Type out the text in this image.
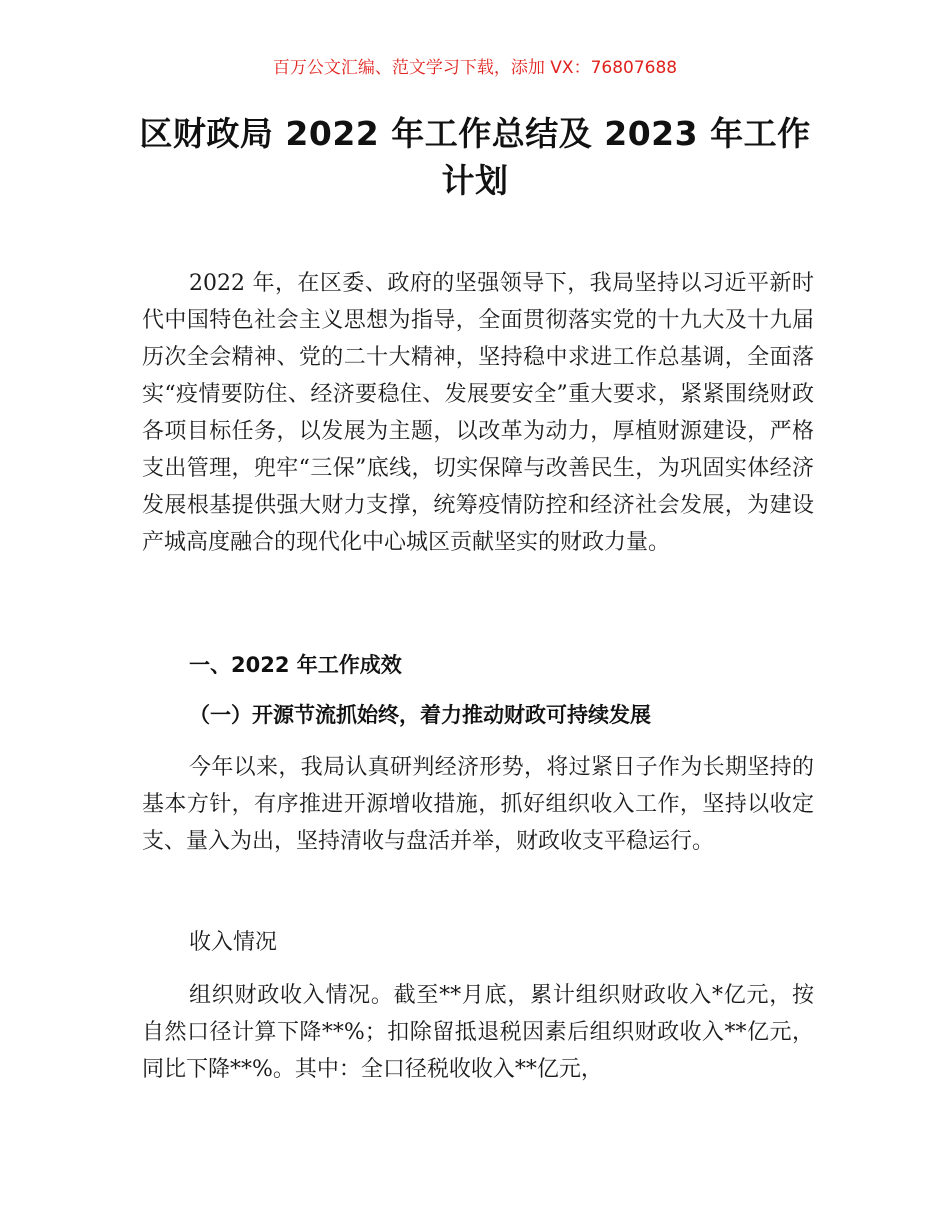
百万公文汇编、范文学习下载，添加 VX：76807688
区财政局 2022 年工作总结及 2023 年工作
计划

2022 年，在区委、政府的坚强领导下，我局坚持以习近平新时代中国特色社会主义思想为指导，全面贯彻落实党的十九大及十九届历次全会精神、党的二十大精神，坚持稳中求进工作总基调，全面落实“疫情要防住、经济要稳住、发展要安全”重大要求，紧紧围绕财政各项目标任务，以发展为主题，以改革为动力，厚植财源建设，严格支出管理，兜牢“三保”底线，切实保障与改善民生，为巩固实体经济发展根基提供强大财力支撑，统筹疫情防控和经济社会发展，为建设产城高度融合的现代化中心城区贡献坚实的财政力量。

一、2022 年工作成效

（一）开源节流抓始终，着力推动财政可持续发展

今年以来，我局认真研判经济形势，将过紧日子作为长期坚持的基本方针，有序推进开源增收措施，抓好组织收入工作，坚持以收定支、量入为出，坚持清收与盘活并举，财政收支平稳运行。

收入情况

组织财政收入情况。截至**月底，累计组织财政收入*亿元，按自然口径计算下降**%；扣除留抵退税因素后组织财政收入**亿元，同比下降**%。其中：全口径税收收入**亿元，
